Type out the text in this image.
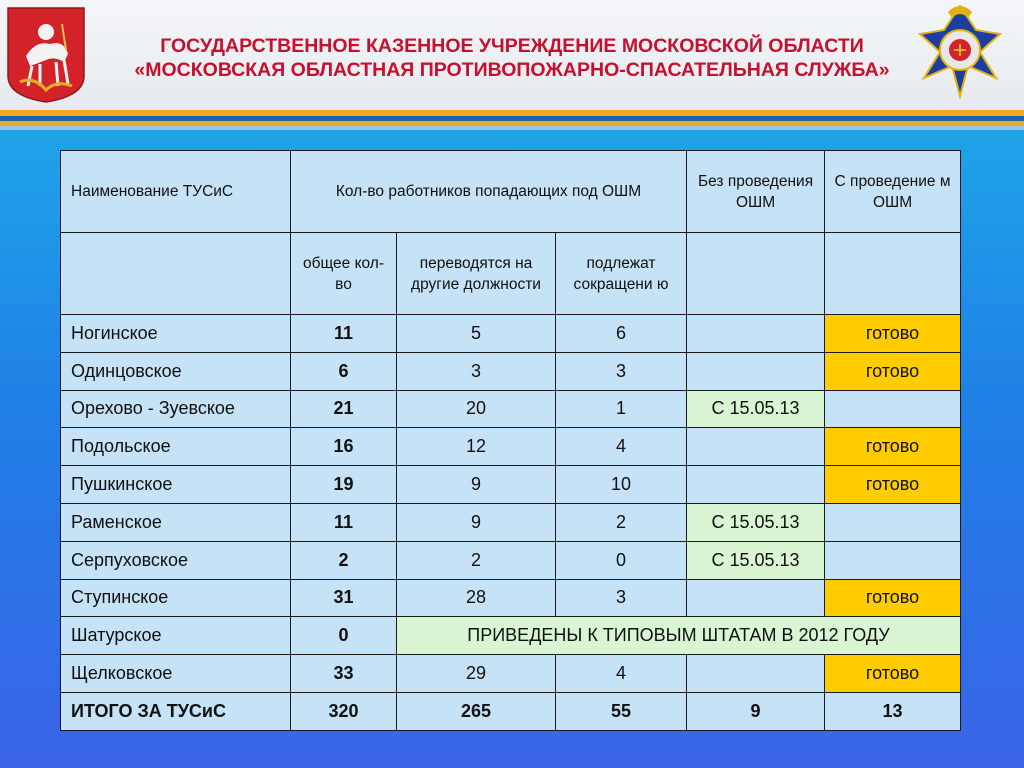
ГОСУДАРСТВЕННОЕ КАЗЕННОЕ УЧРЕЖДЕНИЕ МОСКОВСКОЙ ОБЛАСТИ
«МОСКОВСКАЯ ОБЛАСТНАЯ ПРОТИВОПОЖАРНО-СПАСАТЕЛЬНАЯ СЛУЖБА»
Наименование ТУСиС	Кол-во работников попадающих под ОШМ			Без проведения ОШМ	С проведение м ОШМ
	общее кол-во	переводятся на другие должности	подлежат сокращени ю		
Ногинское	11	5	6		готово
Одинцовское	6	3	3		готово
Орехово - Зуевское	21	20	1	С 15.05.13	
Подольское	16	12	4		готово
Пушкинское	19	9	10		готово
Раменское	11	9	2	С 15.05.13	
Серпуховское	2	2	0	С 15.05.13	
Ступинское	31	28	3		готово
Шатурское	0	ПРИВЕДЕНЫ К ТИПОВЫМ ШТАТАМ В 2012 ГОДУ			
Щелковское	33	29	4		готово
ИТОГО ЗА ТУСиС	320	265	55	9	13
